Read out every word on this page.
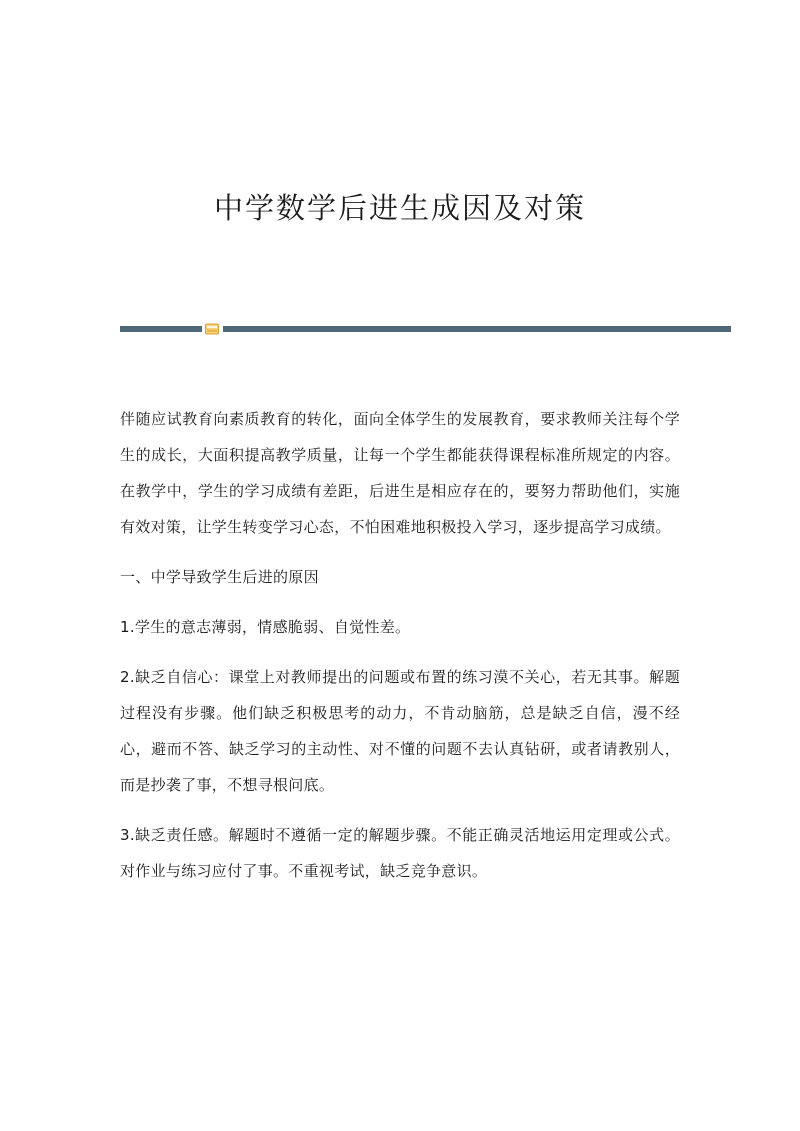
中学数学后进生成因及对策

伴随应试教育向素质教育的转化，面向全体学生的发展教育，要求教师关注每个学生的成长，大面积提高教学质量，让每一个学生都能获得课程标准所规定的内容。在教学中，学生的学习成绩有差距，后进生是相应存在的，要努力帮助他们，实施有效对策，让学生转变学习心态，不怕困难地积极投入学习，逐步提高学习成绩。

一、中学导致学生后进的原因

1.学生的意志薄弱，情感脆弱、自觉性差。

2.缺乏自信心：课堂上对教师提出的问题或布置的练习漠不关心，若无其事。解题过程没有步骤。他们缺乏积极思考的动力，不肯动脑筋，总是缺乏自信，漫不经心，避而不答、缺乏学习的主动性、对不懂的问题不去认真钻研，或者请教别人，而是抄袭了事，不想寻根问底。

3.缺乏责任感。解题时不遵循一定的解题步骤。不能正确灵活地运用定理或公式。对作业与练习应付了事。不重视考试，缺乏竞争意识。
